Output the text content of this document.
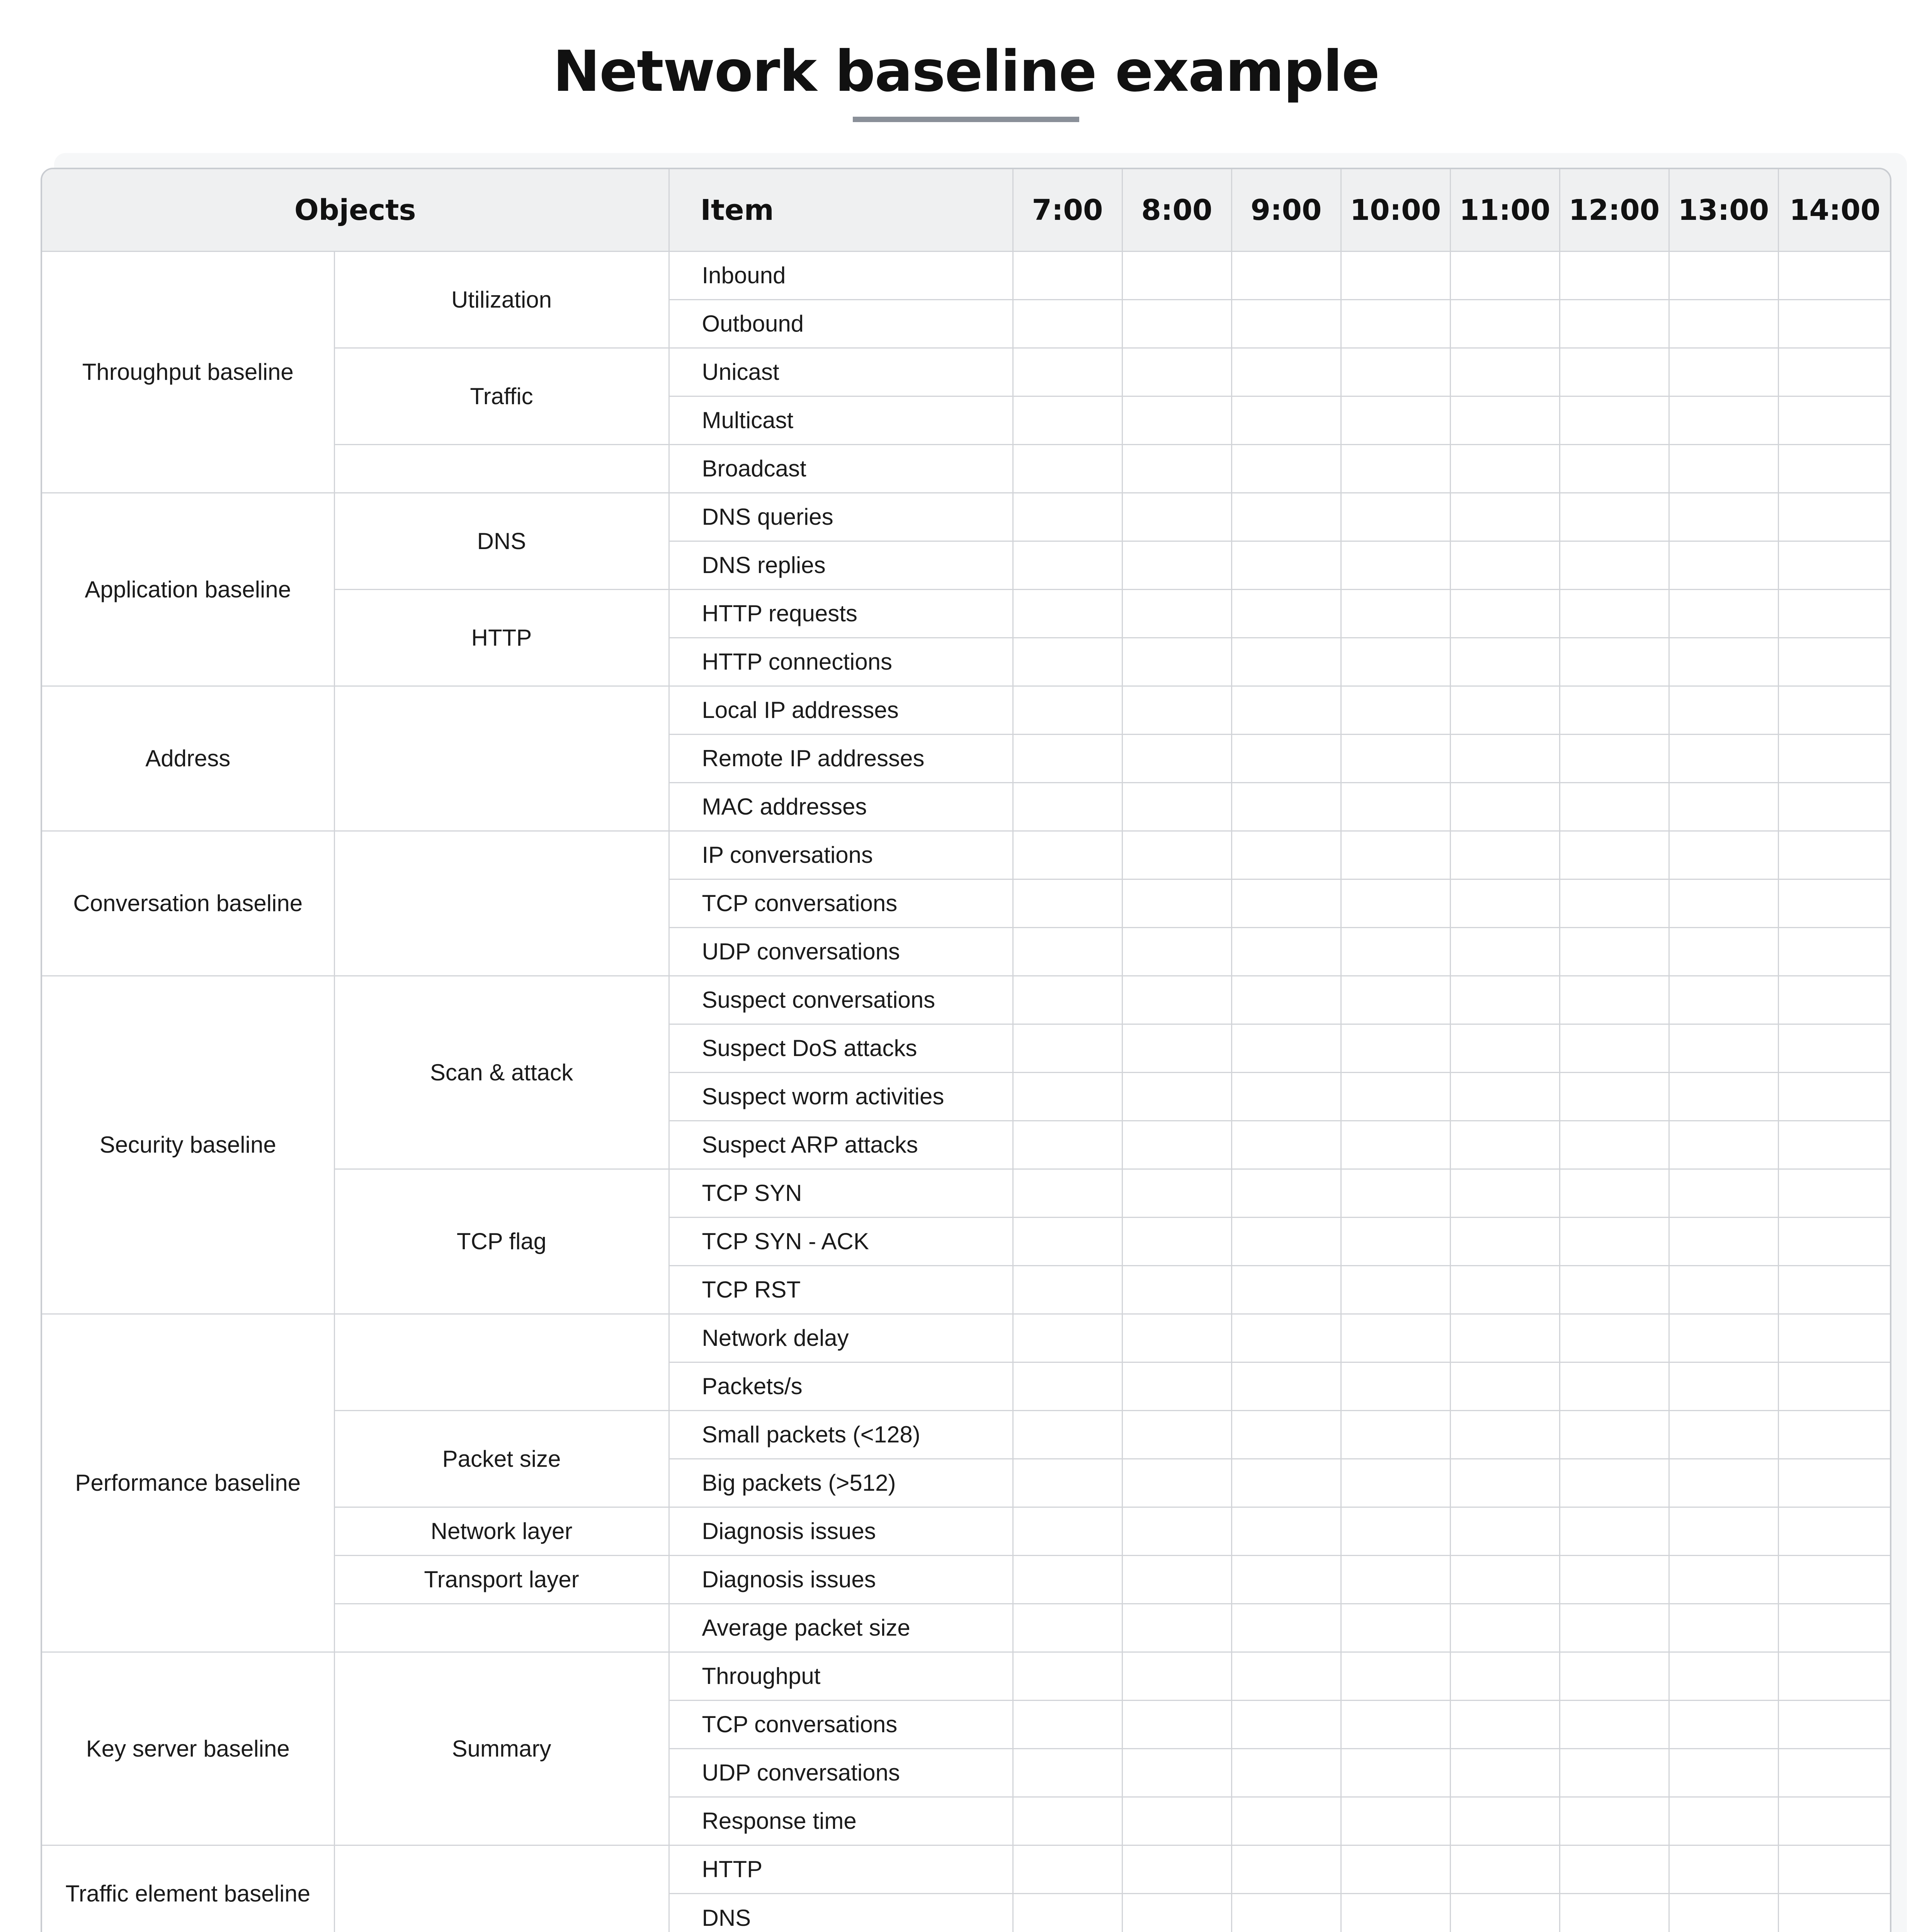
Network baseline example
Objects		Item	7:00	8:00	9:00	10:00	11:00	12:00	13:00	14:00
Throughput baseline	Utilization	Inbound								
		Outbound								
	Traffic	Unicast								
		Multicast								
		Broadcast								
Application baseline	DNS	DNS queries								
		DNS replies								
	HTTP	HTTP requests								
		HTTP connections								
Address		Local IP addresses								
		Remote IP addresses								
		MAC addresses								
Conversation baseline		IP conversations								
		TCP conversations								
		UDP conversations								
Security baseline	Scan & attack	Suspect conversations								
		Suspect DoS attacks								
		Suspect worm activities								
		Suspect ARP attacks								
	TCP flag	TCP SYN								
		TCP SYN - ACK								
		TCP RST								
Performance baseline		Network delay								
		Packets/s								
	Packet size	Small packets (<128)								
		Big packets (>512)								
	Network layer	Diagnosis issues								
	Transport layer	Diagnosis issues								
		Average packet size								
Key server baseline	Summary	Throughput								
		TCP conversations								
		UDP conversations								
		Response time								
Traffic element baseline		HTTP								
		DNS								
